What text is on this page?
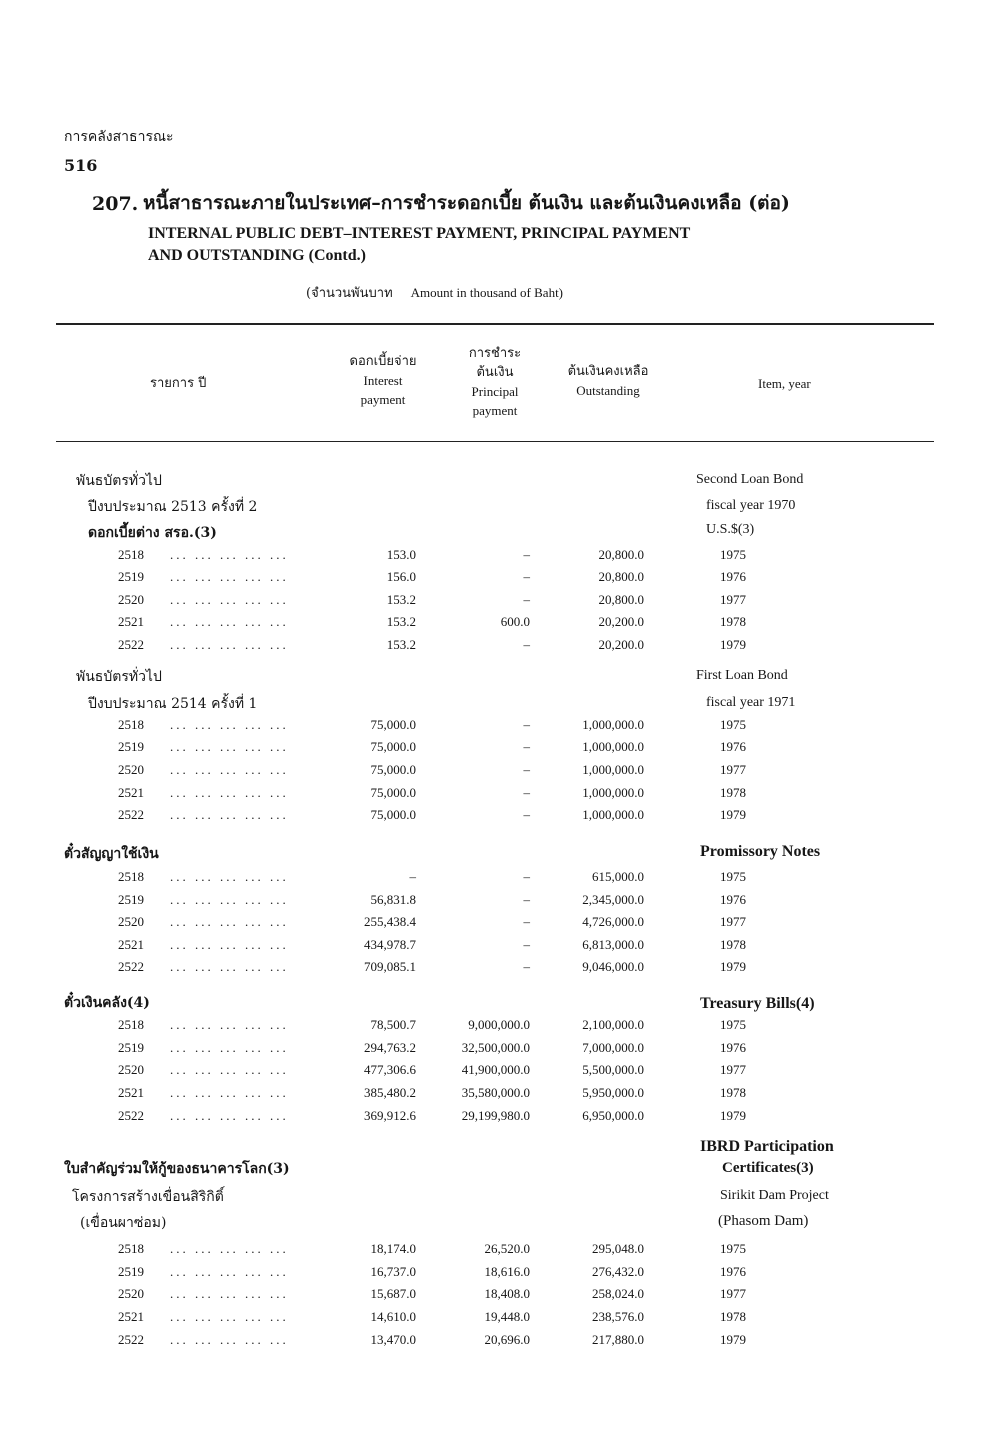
การคลังสาธารณะ
516
207. หนี้สาธารณะภายในประเทศ–การชำระดอกเบี้ย ต้นเงิน และต้นเงินคงเหลือ (ต่อ)
INTERNAL PUBLIC DEBT–INTEREST PAYMENT, PRINCIPAL PAYMENT
AND OUTSTANDING (Contd.)
(จำนวนพันบาท Amount in thousand of Baht)
รายการ ปี
ดอกเบี้ยจ่าย
Interest
payment
การชำระ
ต้นเงิน
Principal
payment
ต้นเงินคงเหลือ
Outstanding	Item, year
พันธบัตรทั่วไป
ปีงบประมาณ 2513 ครั้งที่ 2
ดอกเบี้ยต่าง สรอ.(3)
Second Loan Bond
fiscal year 1970
U.S.$(3)
2518 ... ... ... ... ...	153.0	–	20,800.0	1975
2519 ... ... ... ... ...	156.0	–	20,800.0	1976
2520 ... ... ... ... ...	153.2	–	20,800.0	1977
2521 ... ... ... ... ...	153.2	600.0	20,200.0	1978
2522 ... ... ... ... ...	153.2	–	20,200.0	1979
พันธบัตรทั่วไป
ปีงบประมาณ 2514 ครั้งที่ 1
First Loan Bond
fiscal year 1971
2518 ... ... ... ... ...	75,000.0	–	1,000,000.0	1975
2519 ... ... ... ... ...	75,000.0	–	1,000,000.0	1976
2520 ... ... ... ... ...	75,000.0	–	1,000,000.0	1977
2521 ... ... ... ... ...	75,000.0	–	1,000,000.0	1978
2522 ... ... ... ... ...	75,000.0	–	1,000,000.0	1979
ตั๋วสัญญาใช้เงิน	Promissory Notes
2518 ... ... ... ... ...	–	–	615,000.0	1975
2519 ... ... ... ... ...	56,831.8	–	2,345,000.0	1976
2520 ... ... ... ... ...	255,438.4	–	4,726,000.0	1977
2521 ... ... ... ... ...	434,978.7	–	6,813,000.0	1978
2522 ... ... ... ... ...	709,085.1	–	9,046,000.0	1979
ตั๋วเงินคลัง(4)	Treasury Bills(4)
2518 ... ... ... ... ...	78,500.7	9,000,000.0	2,100,000.0	1975
2519 ... ... ... ... ...	294,763.2	32,500,000.0	7,000,000.0	1976
2520 ... ... ... ... ...	477,306.6	41,900,000.0	5,500,000.0	1977
2521 ... ... ... ... ...	385,480.2	35,580,000.0	5,950,000.0	1978
2522 ... ... ... ... ...	369,912.6	29,199,980.0	6,950,000.0	1979
ใบสำคัญร่วมให้กู้ของธนาคารโลก(3)
โครงการสร้างเขื่อนสิริกิติ์
(เขื่อนผาซ่อม)
IBRD Participation
Certificates(3)
Sirikit Dam Project
(Phasom Dam)
2518 ... ... ... ... ...	18,174.0	26,520.0	295,048.0	1975
2519 ... ... ... ... ...	16,737.0	18,616.0	276,432.0	1976
2520 ... ... ... ... ...	15,687.0	18,408.0	258,024.0	1977
2521 ... ... ... ... ...	14,610.0	19,448.0	238,576.0	1978
2522 ... ... ... ... ...	13,470.0	20,696.0	217,880.0	1979
